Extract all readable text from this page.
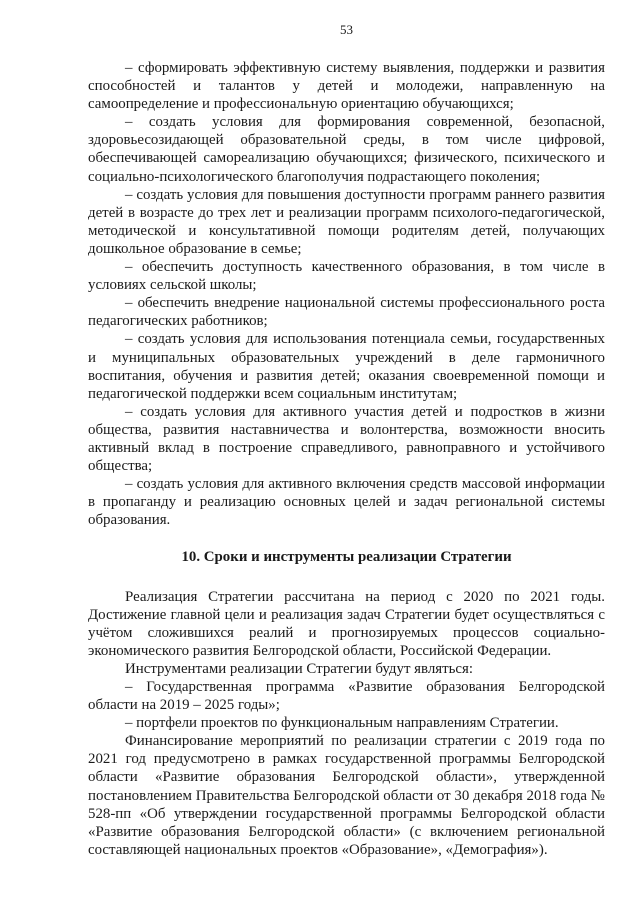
53

– сформировать эффективную систему выявления, поддержки и развития способностей и талантов у детей и молодежи, направленную на самоопределение и профессиональную ориентацию обучающихся;

– создать условия для формирования современной, безопасной, здоровьесозидающей образовательной среды, в том числе цифровой, обеспечивающей самореализацию обучающихся; физического, психического и социально-психологического благополучия подрастающего поколения;

– создать условия для повышения доступности программ раннего развития детей в возрасте до трех лет и реализации программ психолого-педагогической, методической и консультативной помощи родителям детей, получающих дошкольное образование в семье;

– обеспечить доступность качественного образования, в том числе в условиях сельской школы;

– обеспечить внедрение национальной системы профессионального роста педагогических работников;

– создать условия для использования потенциала семьи, государственных и муниципальных образовательных учреждений в деле гармоничного воспитания, обучения и развития детей; оказания своевременной помощи и педагогической поддержки всем социальным институтам;

– создать условия для активного участия детей и подростков в жизни общества, развития наставничества и волонтерства, возможности вносить активный вклад в построение справедливого, равноправного и устойчивого общества;

– создать условия для активного включения средств массовой информации в пропаганду и реализацию основных целей и задач региональной системы образования.

10. Сроки и инструменты реализации Стратегии

Реализация Стратегии рассчитана на период с 2020 по 2021 годы. Достижение главной цели и реализация задач Стратегии будет осуществляться с учётом сложившихся реалий и прогнозируемых процессов социально-экономического развития Белгородской области, Российской Федерации.

Инструментами реализации Стратегии будут являться:

– Государственная программа «Развитие образования Белгородской области на 2019 – 2025 годы»;

– портфели проектов по функциональным направлениям Стратегии.

Финансирование мероприятий по реализации стратегии с 2019 года по 2021 год предусмотрено в рамках государственной программы Белгородской области «Развитие образования Белгородской области», утвержденной постановлением Правительства Белгородской области от 30 декабря 2018 года № 528-пп «Об утверждении государственной программы Белгородской области «Развитие образования Белгородской области» (с включением региональной составляющей национальных проектов «Образование», «Демография»).
